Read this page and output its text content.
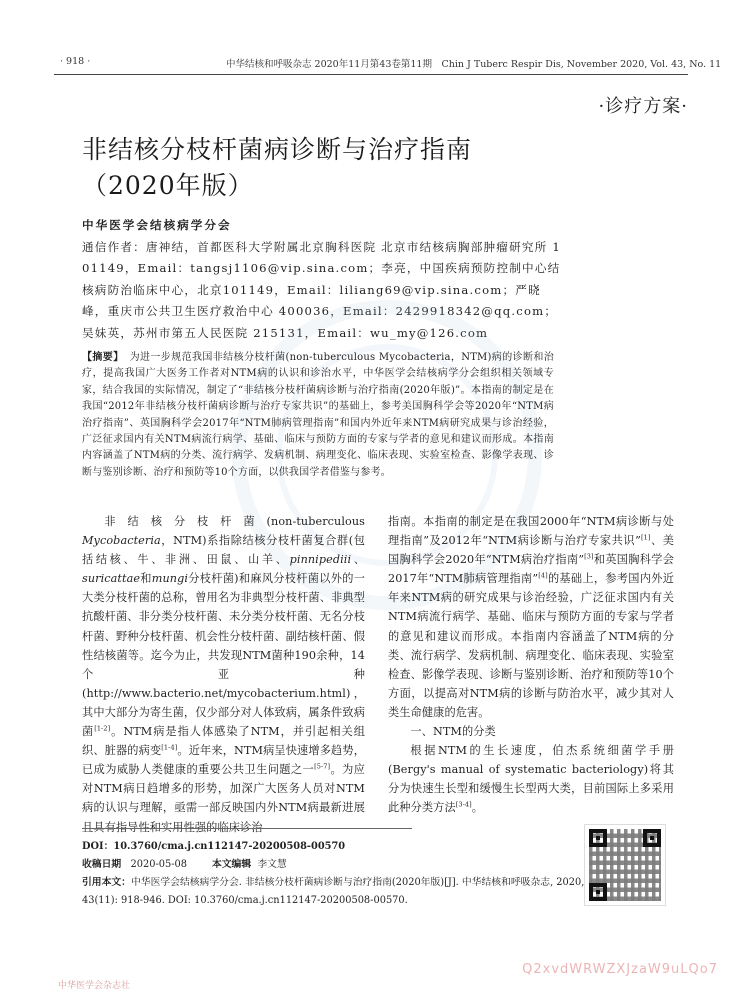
· 918 ·	中华结核和呼吸杂志 2020年11月第43卷第11期　Chin J Tuberc Respir Dis, November 2020, Vol. 43, No. 11
·诊疗方案·
非结核分枝杆菌病诊断与治疗指南
（2020年版）
中华医学会结核病学分会
通信作者：唐神结，首都医科大学附属北京胸科医院 北京市结核病胸部肿瘤研究所 101149，Email：tangsj1106@vip.sina.com；李亮，中国疾病预防控制中心结核病防治临床中心，北京101149，Email：liliang69@vip.sina.com；严晓峰，重庆市公共卫生医疗救治中心 400036，Email：2429918342@qq.com；吴妹英，苏州市第五人民医院 215131，Email：wu_my@126.com
【摘要】 为进一步规范我国非结核分枝杆菌(non-tuberculous Mycobacteria，NTM)病的诊断和治疗，提高我国广大医务工作者对NTM病的认识和诊治水平，中华医学会结核病学分会组织相关领域专家，结合我国的实际情况，制定了“非结核分枝杆菌病诊断与治疗指南(2020年版)”。本指南的制定是在我国“2012年非结核分枝杆菌病诊断与治疗专家共识”的基础上，参考美国胸科学会等2020年“NTM病治疗指南”、英国胸科学会2017年“NTM肺病管理指南”和国内外近年来NTM病研究成果与诊治经验，广泛征求国内有关NTM病流行病学、基础、临床与预防方面的专家与学者的意见和建议而形成。本指南内容涵盖了NTM病的分类、流行病学、发病机制、病理变化、临床表现、实验室检查、影像学表现、诊断与鉴别诊断、治疗和预防等10个方面，以供我国学者借鉴与参考。

非结核分枝杆菌(non-tuberculous Mycobacteria，NTM)系指除结核分枝杆菌复合群(包括结核、牛、非洲、田鼠、山羊、pinnipediii、suricattae和mungi分枝杆菌)和麻风分枝杆菌以外的一大类分枝杆菌的总称，曾用名为非典型分枝杆菌、非典型抗酸杆菌、非分类分枝杆菌、未分类分枝杆菌、无名分枝杆菌、野种分枝杆菌、机会性分枝杆菌、副结核杆菌、假性结核菌等。迄今为止，共发现NTM菌种190余种，14个亚种(http://www.bacterio.net/mycobacterium.html)，其中大部分为寄生菌，仅少部分对人体致病，属条件致病菌[1-2]。NTM病是指人体感染了NTM，并引起相关组织、脏器的病变[1-4]。近年来，NTM病呈快速增多趋势，已成为威胁人类健康的重要公共卫生问题之一[5-7]。为应对NTM病日趋增多的形势，加深广大医务人员对NTM病的认识与理解，亟需一部反映国内外NTM病最新进展且具有指导性和实用性强的临床诊治

指南。本指南的制定是在我国2000年“NTM病诊断与处理指南”及2012年“NTM病诊断与治疗专家共识”[1]、美国胸科学会2020年“NTM病治疗指南”[3]和英国胸科学会2017年“NTM肺病管理指南”[4]的基础上，参考国内外近年来NTM病的研究成果与诊治经验，广泛征求国内有关NTM病流行病学、基础、临床与预防方面的专家与学者的意见和建议而形成。本指南内容涵盖了NTM病的分类、流行病学、发病机制、病理变化、临床表现、实验室检查、影像学表现、诊断与鉴别诊断、治疗和预防等10个方面，以提高对NTM病的诊断与防治水平，减少其对人类生命健康的危害。

一、NTM的分类

根据NTM的生长速度，伯杰系统细菌学手册(Bergy's manual of systematic bacteriology)将其分为快速生长型和缓慢生长型两大类，目前国际上多采用此种分类方法[3-4]。

DOI：10.3760/cma.j.cn112147-20200508-00570
收稿日期 2020-05-08	本文编辑 李文慧
引用本文：中华医学会结核病学分会. 非结核分枝杆菌病诊断与治疗指南(2020年版)[J]. 中华结核和呼吸杂志, 2020, 43(11): 918-946. DOI: 10.3760/cma.j.cn112147-20200508-00570.
中华医学会杂志社
Q2xvdWRWZXJzaW9uLQo7
